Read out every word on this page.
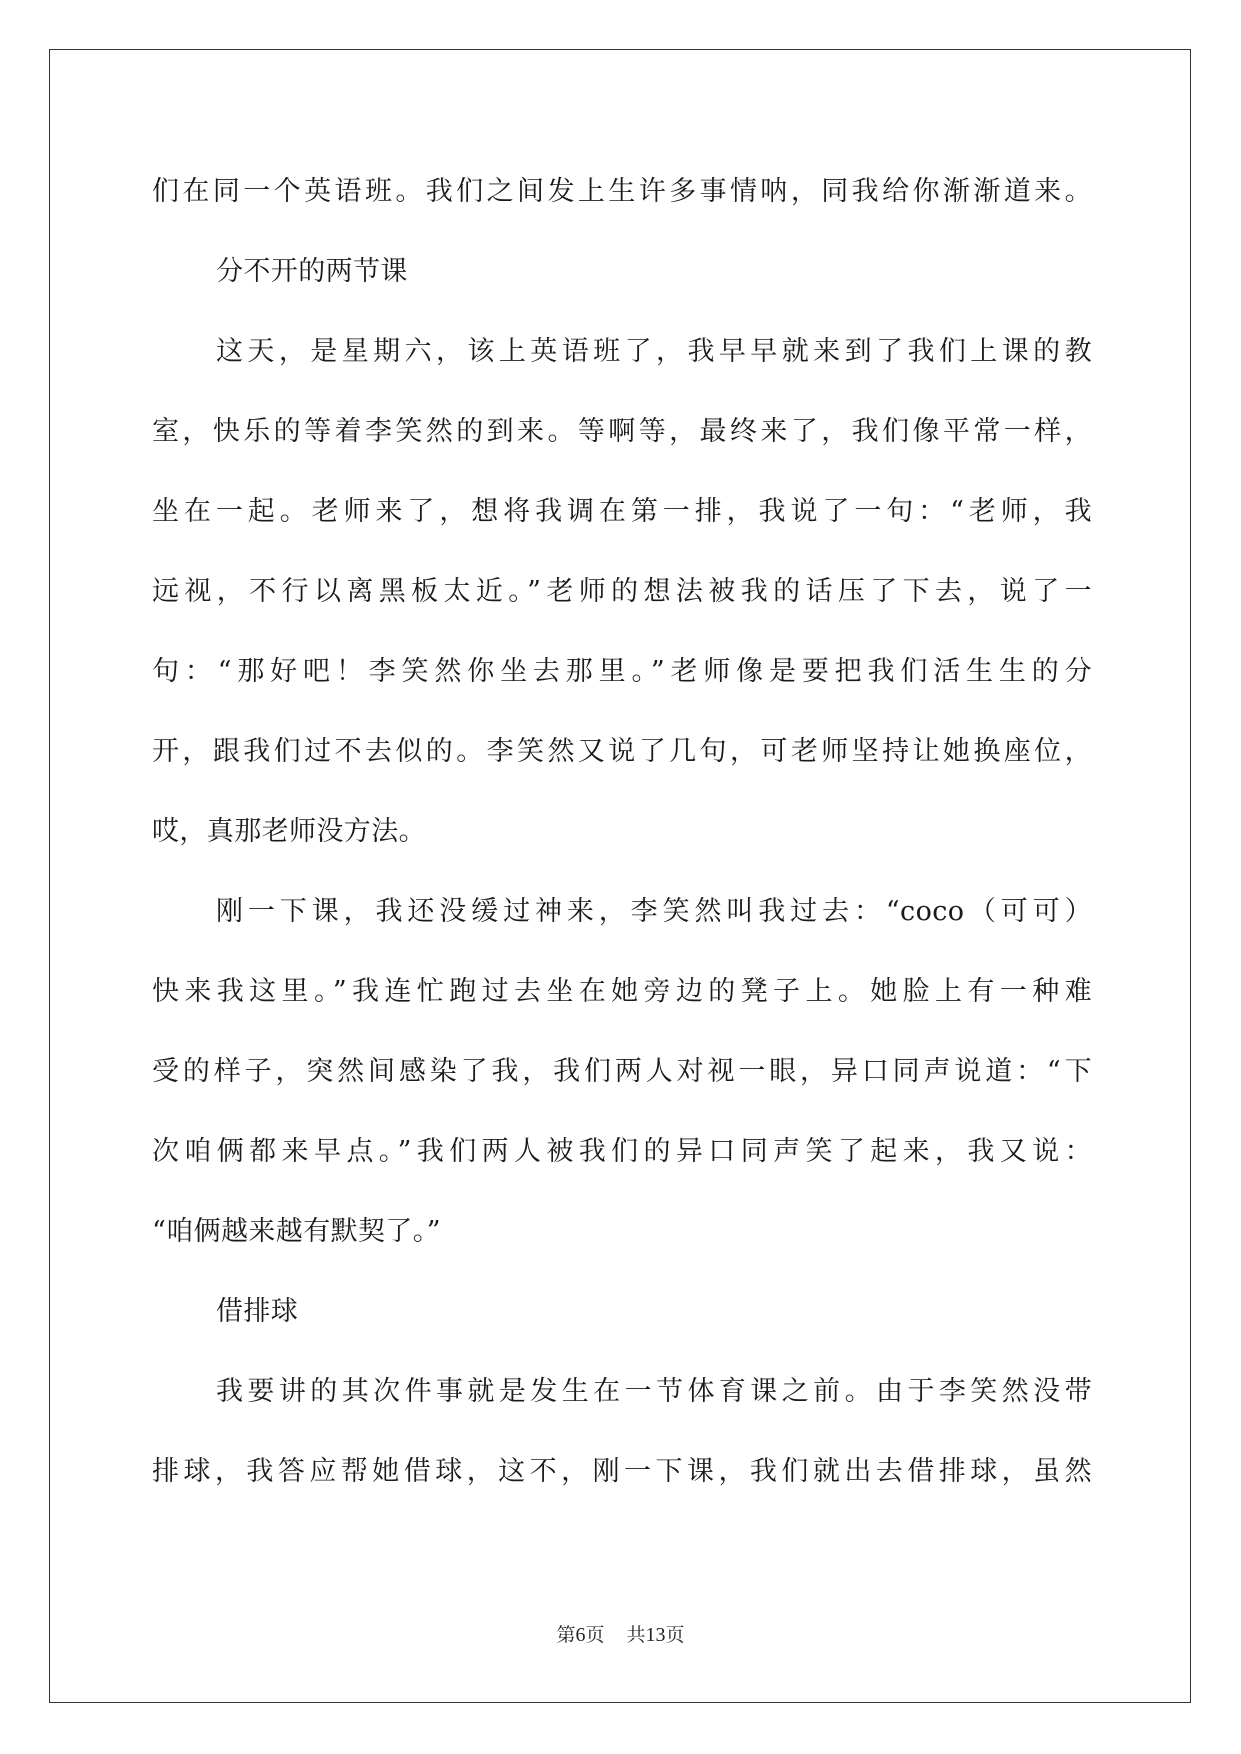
们在同一个英语班。我们之间发上生许多事情呐，同我给你渐渐道来。
分不开的两节课
这天，是星期六，该上英语班了，我早早就来到了我们上课的教
室，快乐的等着李笑然的到来。等啊等，最终来了，我们像平常一样，
坐在一起。老师来了，想将我调在第一排，我说了一句：“老师，我
远视，不行以离黑板太近。”老师的想法被我的话压了下去，说了一
句：“那好吧！李笑然你坐去那里。”老师像是要把我们活生生的分
开，跟我们过不去似的。李笑然又说了几句，可老师坚持让她换座位，
哎，真那老师没方法。
刚一下课，我还没缓过神来，李笑然叫我过去：“coco（可可）
快来我这里。”我连忙跑过去坐在她旁边的凳子上。她脸上有一种难
受的样子，突然间感染了我，我们两人对视一眼，异口同声说道：“下
次咱俩都来早点。”我们两人被我们的异口同声笑了起来，我又说：
“咱俩越来越有默契了。”
借排球
我要讲的其次件事就是发生在一节体育课之前。由于李笑然没带
排球，我答应帮她借球，这不，刚一下课，我们就出去借排球，虽然
第6页 共13页
